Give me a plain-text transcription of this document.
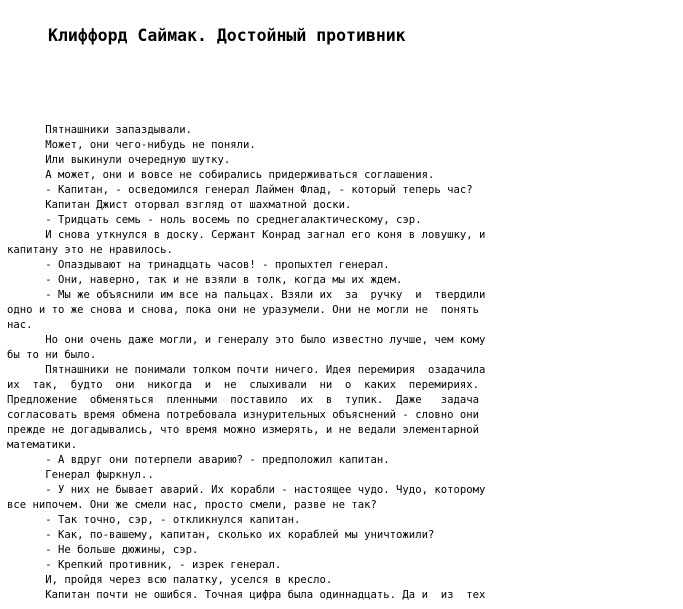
Клиффорд Саймак. Достойный противник
Пятнашники запаздывали.
Может, они чего-нибудь не поняли.
Или выкинули очередную шутку.
А может, они и вовсе не собирались придерживаться соглашения.
- Капитан, - осведомился генерал Лаймен Флад, - который теперь час?
Капитан Джист оторвал взгляд от шахматной доски.
- Тридцать семь - ноль восемь по среднегалактическому, сэр.
И снова уткнулся в доску. Сержант Конрад загнал его коня в ловушку, и
капитану это не нравилось.
- Опаздывают на тринадцать часов! - пропыхтел генерал.
- Они, наверно, так и не взяли в толк, когда мы их ждем.
- Мы же объяснили им все на пальцах. Взяли их  за  ручку  и  твердили
одно и то же снова и снова, пока они не уразумели. Они не могли не  понять
нас.
Но они очень даже могли, и генералу это было известно лучше, чем кому
бы то ни было.
Пятнашники не понимали толком почти ничего. Идея перемирия  озадачила
их  так,  будто  они  никогда  и  не  слыхивали  ни  о  каких  перемириях.
Предложение  обменяться  пленными  поставило  их  в  тупик.  Даже   задача
согласовать время обмена потребовала изнурительных объяснений - словно они
прежде не догадывались, что время можно измерять, и не ведали элементарной
математики.
- А вдруг они потерпели аварию? - предположил капитан.
Генерал фыркнул..
- У них не бывает аварий. Их корабли - настоящее чудо. Чудо, которому
все нипочем. Они же смели нас, просто смели, разве не так?
- Так точно, сэр, - откликнулся капитан.
- Как, по-вашему, капитан, сколько их кораблей мы уничтожили?
- Не больше дюжины, сэр.
- Крепкий противник, - изрек генерал.
И, пройдя через всю палатку, уселся в кресло.
Капитан почти не ошибся. Точная цифра была одиннадцать. Да и  из  тех
